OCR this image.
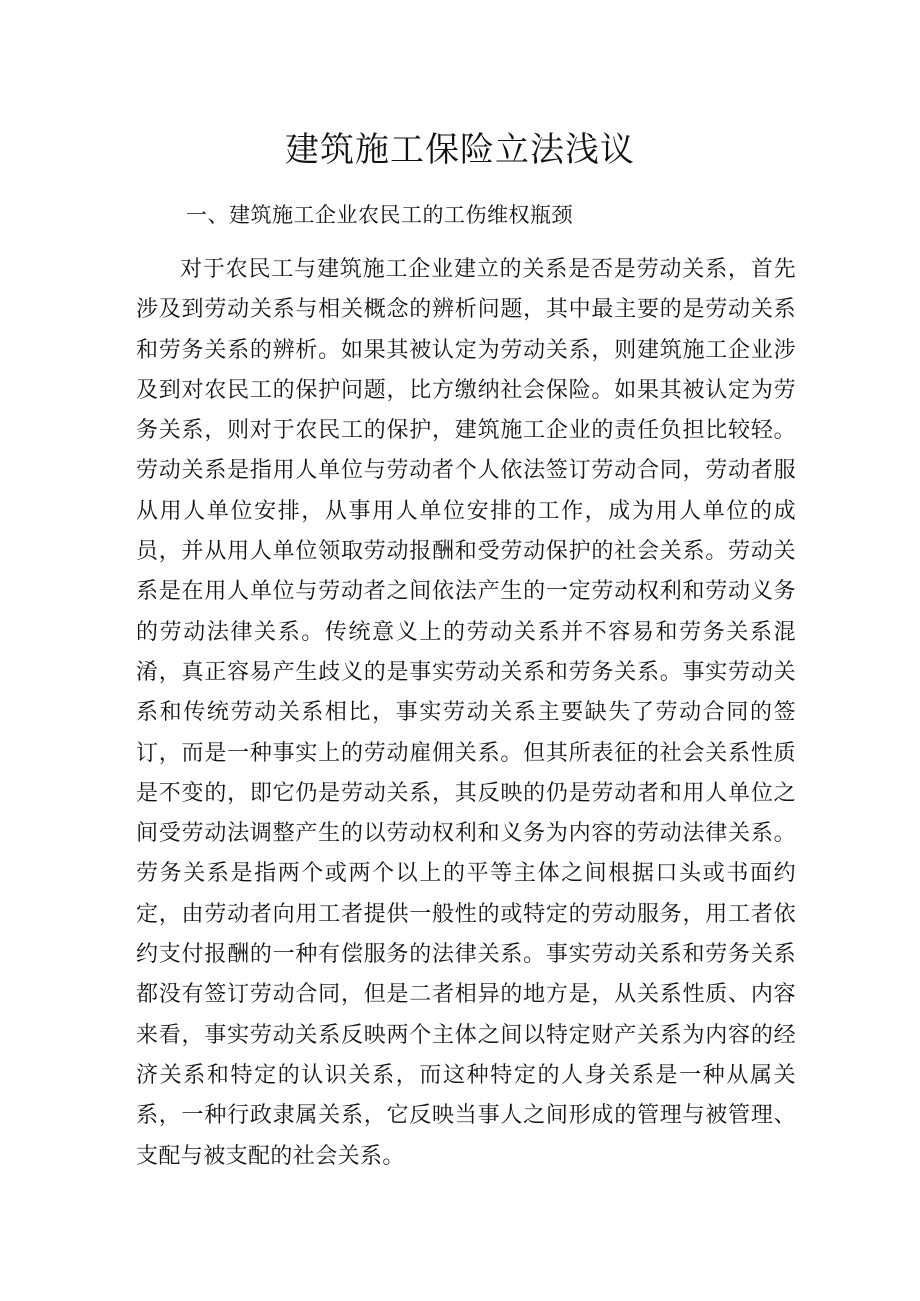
建筑施工保险立法浅议
一、建筑施工企业农民工的工伤维权瓶颈

对于农民工与建筑施工企业建立的关系是否是劳动关系，首先涉及到劳动关系与相关概念的辨析问题，其中最主要的是劳动关系和劳务关系的辨析。如果其被认定为劳动关系，则建筑施工企业涉及到对农民工的保护问题，比方缴纳社会保险。如果其被认定为劳务关系，则对于农民工的保护，建筑施工企业的责任负担比较轻。劳动关系是指用人单位与劳动者个人依法签订劳动合同，劳动者服从用人单位安排，从事用人单位安排的工作，成为用人单位的成员，并从用人单位领取劳动报酬和受劳动保护的社会关系。劳动关系是在用人单位与劳动者之间依法产生的一定劳动权利和劳动义务的劳动法律关系。传统意义上的劳动关系并不容易和劳务关系混淆，真正容易产生歧义的是事实劳动关系和劳务关系。事实劳动关系和传统劳动关系相比，事实劳动关系主要缺失了劳动合同的签订，而是一种事实上的劳动雇佣关系。但其所表征的社会关系性质是不变的，即它仍是劳动关系，其反映的仍是劳动者和用人单位之间受劳动法调整产生的以劳动权利和义务为内容的劳动法律关系。劳务关系是指两个或两个以上的平等主体之间根据口头或书面约定，由劳动者向用工者提供一般性的或特定的劳动服务，用工者依约支付报酬的一种有偿服务的法律关系。事实劳动关系和劳务关系都没有签订劳动合同，但是二者相异的地方是，从关系性质、内容来看，事实劳动关系反映两个主体之间以特定财产关系为内容的经济关系和特定的认识关系，而这种特定的人身关系是一种从属关系，一种行政隶属关系，它反映当事人之间形成的管理与被管理、支配与被支配的社会关系。
